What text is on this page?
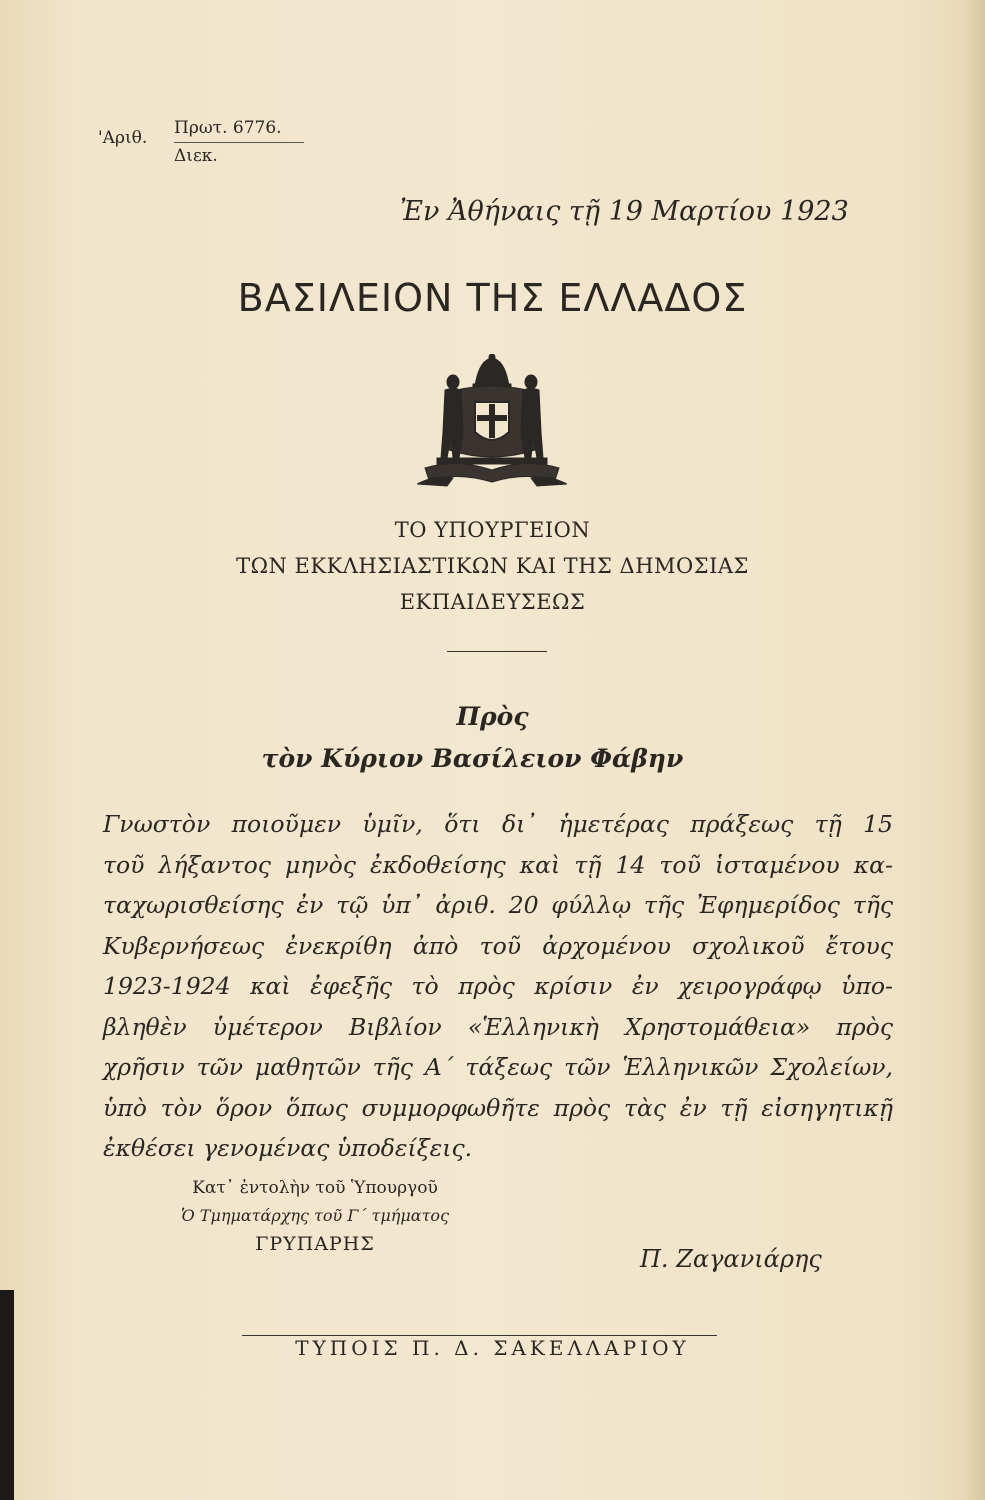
'Αριθ. Πρωτ. 6776.
Διεκ.
Ἐν Ἀθήναις τῇ 19 Μαρτίου 1923
ΒΑΣΙΛΕΙΟΝ ΤΗΣ ΕΛΛΑΔΟΣ
ΤΟ ΥΠΟΥΡΓΕΙΟΝ
ΤΩΝ ΕΚΚΛΗΣΙΑΣΤΙΚΩΝ ΚΑΙ ΤΗΣ ΔΗΜΟΣΙΑΣ
ΕΚΠΑΙΔΕΥΣΕΩΣ
Πρὸς
τὸν Κύριον Βασίλειον Φάβην
Γνωστὸν ποιοῦμεν ὑμῖν, ὅτι δι᾽ ἡμετέρας πράξεως τῇ 15
τοῦ λήξαντος μηνὸς ἐκδοθείσης καὶ τῇ 14 τοῦ ἱσταμένου κα-
ταχωρισθείσης ἐν τῷ ὑπ᾽ ἀριθ. 20 φύλλῳ τῆς Ἐφημερίδος τῆς
Κυβερνήσεως ἐνεκρίθη ἀπὸ τοῦ ἀρχομένου σχολικοῦ ἔτους
1923-1924 καὶ ἐφεξῆς τὸ πρὸς κρίσιν ἐν χειρογράφῳ ὑπο-
βληθὲν ὑμέτερον Βιβλίον «Ἑλληνικὴ Χρηστομάθεια» πρὸς
χρῆσιν τῶν μαθητῶν τῆς Α΄ τάξεως τῶν Ἑλληνικῶν Σχολείων,
ὑπὸ τὸν ὅρον ὅπως συμμορφωθῆτε πρὸς τὰς ἐν τῇ εἰσηγητικῇ
ἐκθέσει γενομένας ὑποδείξεις.
Κατ᾽ ἐντολὴν τοῦ Ὑπουργοῦ
Ὁ Τμηματάρχης τοῦ Γ΄ τμήματος
ΓΡΥΠΑΡΗΣ
Π. Ζαγανιάρης
ΤΥΠΟΙΣ Π. Δ. ΣΑΚΕΛΛΑΡΙΟΥ
